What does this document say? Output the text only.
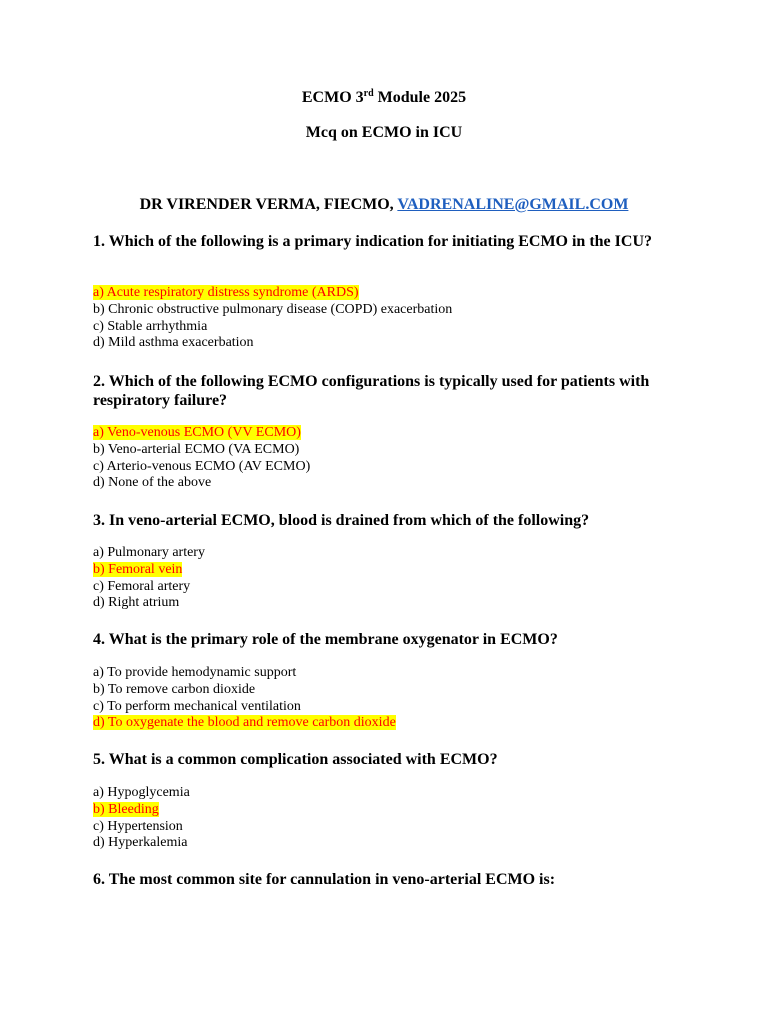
ECMO 3rd Module 2025
Mcq on ECMO in ICU
DR VIRENDER VERMA, FIECMO, VADRENALINE@GMAIL.COM
1. Which of the following is a primary indication for initiating ECMO in the ICU?
a) Acute respiratory distress syndrome (ARDS)
b) Chronic obstructive pulmonary disease (COPD) exacerbation
c) Stable arrhythmia
d) Mild asthma exacerbation
2. Which of the following ECMO configurations is typically used for patients with respiratory failure?
a) Veno-venous ECMO (VV ECMO)
b) Veno-arterial ECMO (VA ECMO)
c) Arterio-venous ECMO (AV ECMO)
d) None of the above
3. In veno-arterial ECMO, blood is drained from which of the following?
a) Pulmonary artery
b) Femoral vein
c) Femoral artery
d) Right atrium
4. What is the primary role of the membrane oxygenator in ECMO?
a) To provide hemodynamic support
b) To remove carbon dioxide
c) To perform mechanical ventilation
d) To oxygenate the blood and remove carbon dioxide
5. What is a common complication associated with ECMO?
a) Hypoglycemia
b) Bleeding
c) Hypertension
d) Hyperkalemia
6. The most common site for cannulation in veno-arterial ECMO is:
